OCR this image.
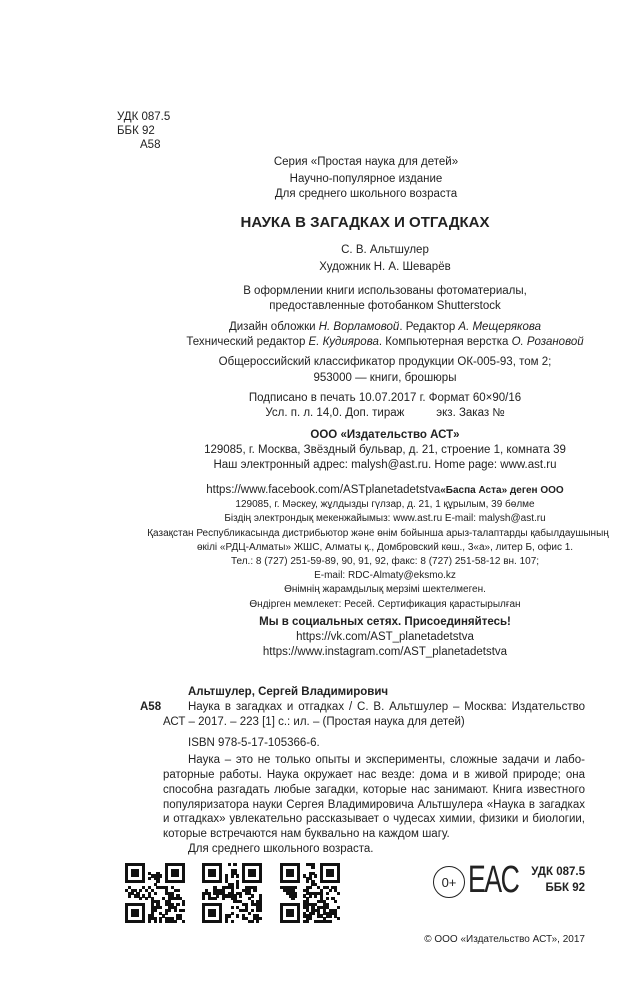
УДК 087.5
ББК 92
А58
Серия «Простая наука для детей»
Научно-популярное издание
Для среднего школьного возраста
НАУКА В ЗАГАДКАХ И ОТГАДКАХ
С. В. Альтшулер
Художник Н. А. Шеварёв
В оформлении книги использованы фотоматериалы,
предоставленные фотобанком Shutterstock
Дизайн обложки Н. Ворламовой. Редактор А. Мещерякова
Технический редактор Е. Кудиярова. Компьютерная верстка О. Розановой
Общероссийский классификатор продукции ОК-005-93, том 2;
953000 — книги, брошюры
Подписано в печать 10.07.2017 г. Формат 60×90/16
Усл. п. л. 14,0. Доп. тираж          экз. Заказ №
ООО «Издательство АСТ»
129085, г. Москва, Звёздный бульвар, д. 21, строение 1, комната 39
Наш электронный адрес: malysh@ast.ru. Home page: www.ast.ru
https://www.facebook.com/ASTplanetadetstva«Баспа Аста» деген ООО
129085, г. Мәскеу, жұлдызды гүлзар, д. 21, 1 құрылым, 39 бөлме
Біздің электрондық мекенжайымыз: www.ast.ru E-mail: malysh@ast.ru
Қазақстан Республикасында дистрибьютор және өнім бойынша арыз-талаптарды қабылдаушының
өкілі «РДЦ-Алматы» ЖШС, Алматы қ., Домбровский көш., 3«а», литер Б, офис 1.
Тел.: 8 (727) 251-59-89, 90, 91, 92, факс: 8 (727) 251-58-12 вн. 107;
E-mail: RDC-Almaty@eksmo.kz
Өнімнің жарамдылық мерзімі шектелмеген.
Өндірген мемлекет: Ресей. Сертификация қарастырылған
Мы в социальных сетях. Присоединяйтесь!
https://vk.com/AST_planetadetstva
https://www.instagram.com/AST_planetadetstva
Альтшулер, Сергей Владимирович
А58 Наука в загадках и отгадках / С. В. Альтшулер – Москва: Издательство
АСТ – 2017. – 223 [1] с.: ил. – (Простая наука для детей)
ISBN 978-5-17-105366-6.
Наука – это не только опыты и эксперименты, сложные задачи и лабо-
раторные работы. Наука окружает нас везде: дома и в живой природе; она
способна разгадать любые загадки, которые нас занимают. Книга известного
популяризатора науки Сергея Владимировича Альтшулера «Наука в загадках
и отгадках» увлекательно рассказывает о чудесах химии, физики и биологии,
которые встречаются нам буквально на каждом шагу.
Для среднего школьного возраста.
УДК 087.5
ББК 92
0+ EAC
© ООО «Издательство АСТ», 2017
